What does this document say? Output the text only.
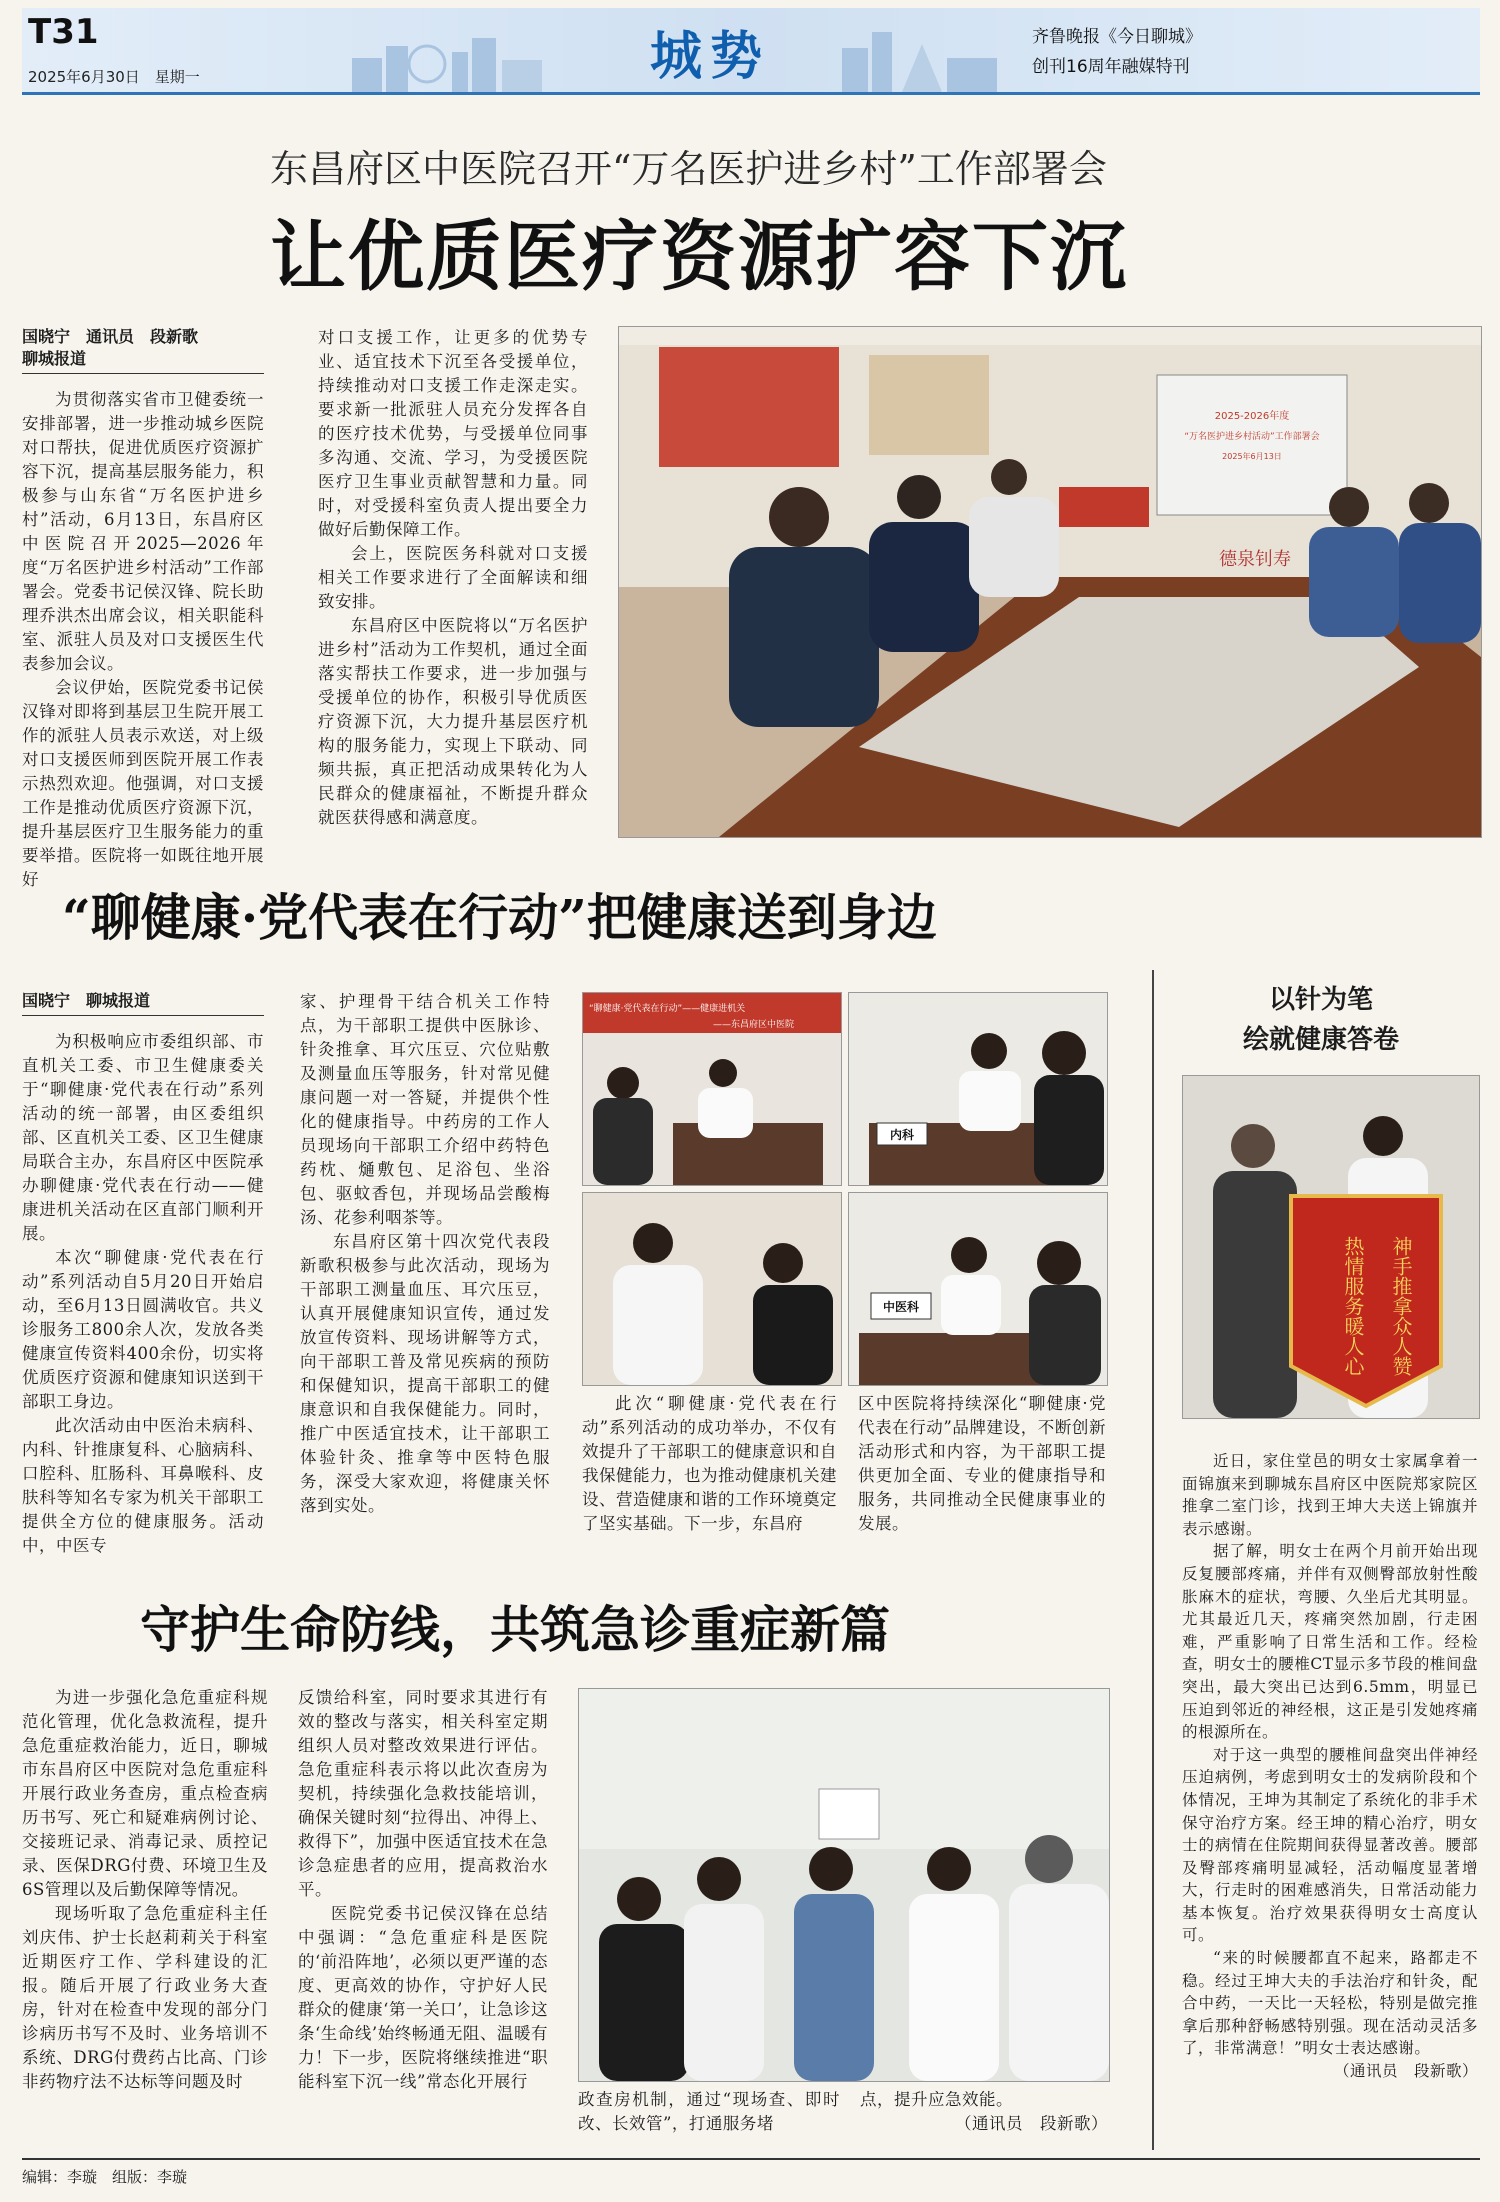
T31
2025年6月30日　星期一	城势	齐鲁晚报《今日聊城》
创刊16周年融媒特刊
东昌府区中医院召开“万名医护进乡村”工作部署会
让优质医疗资源扩容下沉
国晓宁　通讯员　段新歌
聊城报道

为贯彻落实省市卫健委统一安排部署，进一步推动城乡医院对口帮扶，促进优质医疗资源扩容下沉，提高基层服务能力，积极参与山东省“万名医护进乡村”活动，6月13日，东昌府区中医院召开2025—2026年度“万名医护进乡村活动”工作部署会。党委书记侯汉锋、院长助理乔洪杰出席会议，相关职能科室、派驻人员及对口支援医生代表参加会议。

会议伊始，医院党委书记侯汉锋对即将到基层卫生院开展工作的派驻人员表示欢送，对上级对口支援医师到医院开展工作表示热烈欢迎。他强调，对口支援工作是推动优质医疗资源下沉，提升基层医疗卫生服务能力的重要举措。医院将一如既往地开展好

对口支援工作，让更多的优势专业、适宜技术下沉至各受援单位，持续推动对口支援工作走深走实。要求新一批派驻人员充分发挥各自的医疗技术优势，与受援单位同事多沟通、交流、学习，为受援医院医疗卫生事业贡献智慧和力量。同时，对受援科室负责人提出要全力做好后勤保障工作。

会上，医院医务科就对口支援相关工作要求进行了全面解读和细致安排。

东昌府区中医院将以“万名医护进乡村”活动为工作契机，通过全面落实帮扶工作要求，进一步加强与受援单位的协作，积极引导优质医疗资源下沉，大力提升基层医疗机构的服务能力，实现上下联动、同频共振，真正把活动成果转化为人民群众的健康福祉，不断提升群众就医获得感和满意度。

2025-2026年度
“万名医护进乡村活动”工作部署会
2025年6月13日
德泉钊寿
“聊健康·党代表在行动”把健康送到身边
国晓宁　聊城报道

为积极响应市委组织部、市直机关工委、市卫生健康委关于“聊健康·党代表在行动”系列活动的统一部署，由区委组织部、区直机关工委、区卫生健康局联合主办，东昌府区中医院承办聊健康·党代表在行动——健康进机关活动在区直部门顺利开展。

本次“聊健康·党代表在行动”系列活动自5月20日开始启动，至6月13日圆满收官。共义诊服务工800余人次，发放各类健康宣传资料400余份，切实将优质医疗资源和健康知识送到干部职工身边。

此次活动由中医治未病科、内科、针推康复科、心脑病科、口腔科、肛肠科、耳鼻喉科、皮肤科等知名专家为机关干部职工提供全方位的健康服务。活动中，中医专

家、护理骨干结合机关工作特点，为干部职工提供中医脉诊、针灸推拿、耳穴压豆、穴位贴敷及测量血压等服务，针对常见健康问题一对一答疑，并提供个性化的健康指导。中药房的工作人员现场向干部职工介绍中药特色药枕、熥敷包、足浴包、坐浴包、驱蚊香包，并现场品尝酸梅汤、花参利咽茶等。

东昌府区第十四次党代表段新歌积极参与此次活动，现场为干部职工测量血压、耳穴压豆，认真开展健康知识宣传，通过发放宣传资料、现场讲解等方式，向干部职工普及常见疾病的预防和保健知识，提高干部职工的健康意识和自我保健能力。同时，推广中医适宜技术，让干部职工体验针灸、推拿等中医特色服务，深受大家欢迎，将健康关怀落到实处。

“聊健康·党代表在行动”——健康进机关
——东昌府区中医院
内科
中医科

此次“聊健康·党代表在行动”系列活动的成功举办，不仅有效提升了干部职工的健康意识和自我保健能力，也为推动健康机关建设、营造健康和谐的工作环境奠定了坚实基础。下一步，东昌府

区中医院将持续深化“聊健康·党代表在行动”品牌建设，不断创新活动形式和内容，为干部职工提供更加全面、专业的健康指导和服务，共同推动全民健康事业的发展。

以针为笔
绘就健康答卷
神手推拿众人赞
热情服务暖人心

近日，家住堂邑的明女士家属拿着一面锦旗来到聊城东昌府区中医院郑家院区推拿二室门诊，找到王坤大夫送上锦旗并表示感谢。

据了解，明女士在两个月前开始出现反复腰部疼痛，并伴有双侧臀部放射性酸胀麻木的症状，弯腰、久坐后尤其明显。尤其最近几天，疼痛突然加剧，行走困难，严重影响了日常生活和工作。经检查，明女士的腰椎CT显示多节段的椎间盘突出，最大突出已达到6.5mm，明显已压迫到邻近的神经根，这正是引发她疼痛的根源所在。

对于这一典型的腰椎间盘突出伴神经压迫病例，考虑到明女士的发病阶段和个体情况，王坤为其制定了系统化的非手术保守治疗方案。经王坤的精心治疗，明女士的病情在住院期间获得显著改善。腰部及臀部疼痛明显减轻，活动幅度显著增大，行走时的困难感消失，日常活动能力基本恢复。治疗效果获得明女士高度认可。

“来的时候腰都直不起来，路都走不稳。经过王坤大夫的手法治疗和针灸，配合中药，一天比一天轻松，特别是做完推拿后那种舒畅感特别强。现在活动灵活多了，非常满意！”明女士表达感谢。

（通讯员　段新歌）

守护生命防线，共筑急诊重症新篇

为进一步强化急危重症科规范化管理，优化急救流程，提升急危重症救治能力，近日，聊城市东昌府区中医院对急危重症科开展行政业务查房，重点检查病历书写、死亡和疑难病例讨论、交接班记录、消毒记录、质控记录、医保DRG付费、环境卫生及6S管理以及后勤保障等情况。

现场听取了急危重症科主任刘庆伟、护士长赵莉莉关于科室近期医疗工作、学科建设的汇报。随后开展了行政业务大查房，针对在检查中发现的部分门诊病历书写不及时、业务培训不系统、DRG付费药占比高、门诊非药物疗法不达标等问题及时

反馈给科室，同时要求其进行有效的整改与落实，相关科室定期组织人员对整改效果进行评估。急危重症科表示将以此次查房为契机，持续强化急救技能培训，确保关键时刻“拉得出、冲得上、救得下”，加强中医适宜技术在急诊急症患者的应用，提高救治水平。

医院党委书记侯汉锋在总结中强调：“急危重症科是医院的‘前沿阵地’，必须以更严谨的态度、更高效的协作，守护好人民群众的健康‘第一关口’，让急诊这条‘生命线’始终畅通无阻、温暖有力！下一步，医院将继续推进“职能科室下沉一线”常态化开展行

政查房机制，通过“现场查、即时改、长效管”，打通服务堵

点，提升应急效能。

（通讯员　段新歌）

编辑：李璇　组版：李璇
